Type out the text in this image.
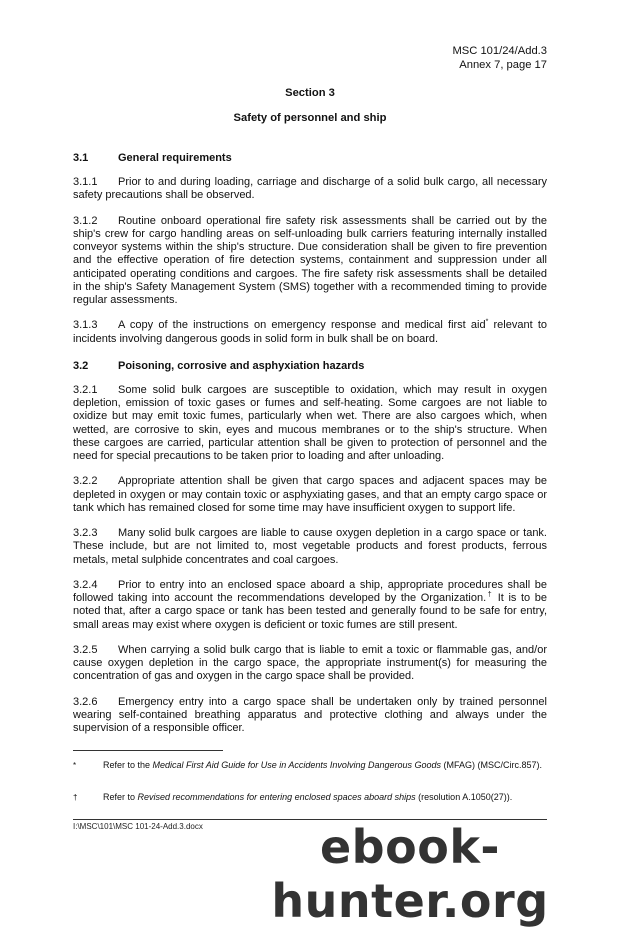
MSC 101/24/Add.3
Annex 7, page 17
Section 3
Safety of personnel and ship
3.1	General requirements

3.1.1 Prior to and during loading, carriage and discharge of a solid bulk cargo, all necessary safety precautions shall be observed.

3.1.2 Routine onboard operational fire safety risk assessments shall be carried out by the ship's crew for cargo handling areas on self-unloading bulk carriers featuring internally installed conveyor systems within the ship's structure. Due consideration shall be given to fire prevention and the effective operation of fire detection systems, containment and suppression under all anticipated operating conditions and cargoes. The fire safety risk assessments shall be detailed in the ship's Safety Management System (SMS) together with a recommended timing to provide regular assessments.

3.1.3 A copy of the instructions on emergency response and medical first aid* relevant to incidents involving dangerous goods in solid form in bulk shall be on board.

3.2	Poisoning, corrosive and asphyxiation hazards

3.2.1 Some solid bulk cargoes are susceptible to oxidation, which may result in oxygen depletion, emission of toxic gases or fumes and self-heating. Some cargoes are not liable to oxidize but may emit toxic fumes, particularly when wet. There are also cargoes which, when wetted, are corrosive to skin, eyes and mucous membranes or to the ship's structure. When these cargoes are carried, particular attention shall be given to protection of personnel and the need for special precautions to be taken prior to loading and after unloading.

3.2.2 Appropriate attention shall be given that cargo spaces and adjacent spaces may be depleted in oxygen or may contain toxic or asphyxiating gases, and that an empty cargo space or tank which has remained closed for some time may have insufficient oxygen to support life.

3.2.3 Many solid bulk cargoes are liable to cause oxygen depletion in a cargo space or tank. These include, but are not limited to, most vegetable products and forest products, ferrous metals, metal sulphide concentrates and coal cargoes.

3.2.4 Prior to entry into an enclosed space aboard a ship, appropriate procedures shall be followed taking into account the recommendations developed by the Organization.† It is to be noted that, after a cargo space or tank has been tested and generally found to be safe for entry, small areas may exist where oxygen is deficient or toxic fumes are still present.

3.2.5 When carrying a solid bulk cargo that is liable to emit a toxic or flammable gas, and/or cause oxygen depletion in the cargo space, the appropriate instrument(s) for measuring the concentration of gas and oxygen in the cargo space shall be provided.

3.2.6 Emergency entry into a cargo space shall be undertaken only by trained personnel wearing self-contained breathing apparatus and protective clothing and always under the supervision of a responsible officer.

*	Refer to the Medical First Aid Guide for Use in Accidents Involving Dangerous Goods (MFAG) (MSC/Circ.857).
†	Refer to Revised recommendations for entering enclosed spaces aboard ships (resolution A.1050(27)).
I:\MSC\101\MSC 101-24-Add.3.docx	ebook-hunter.org
